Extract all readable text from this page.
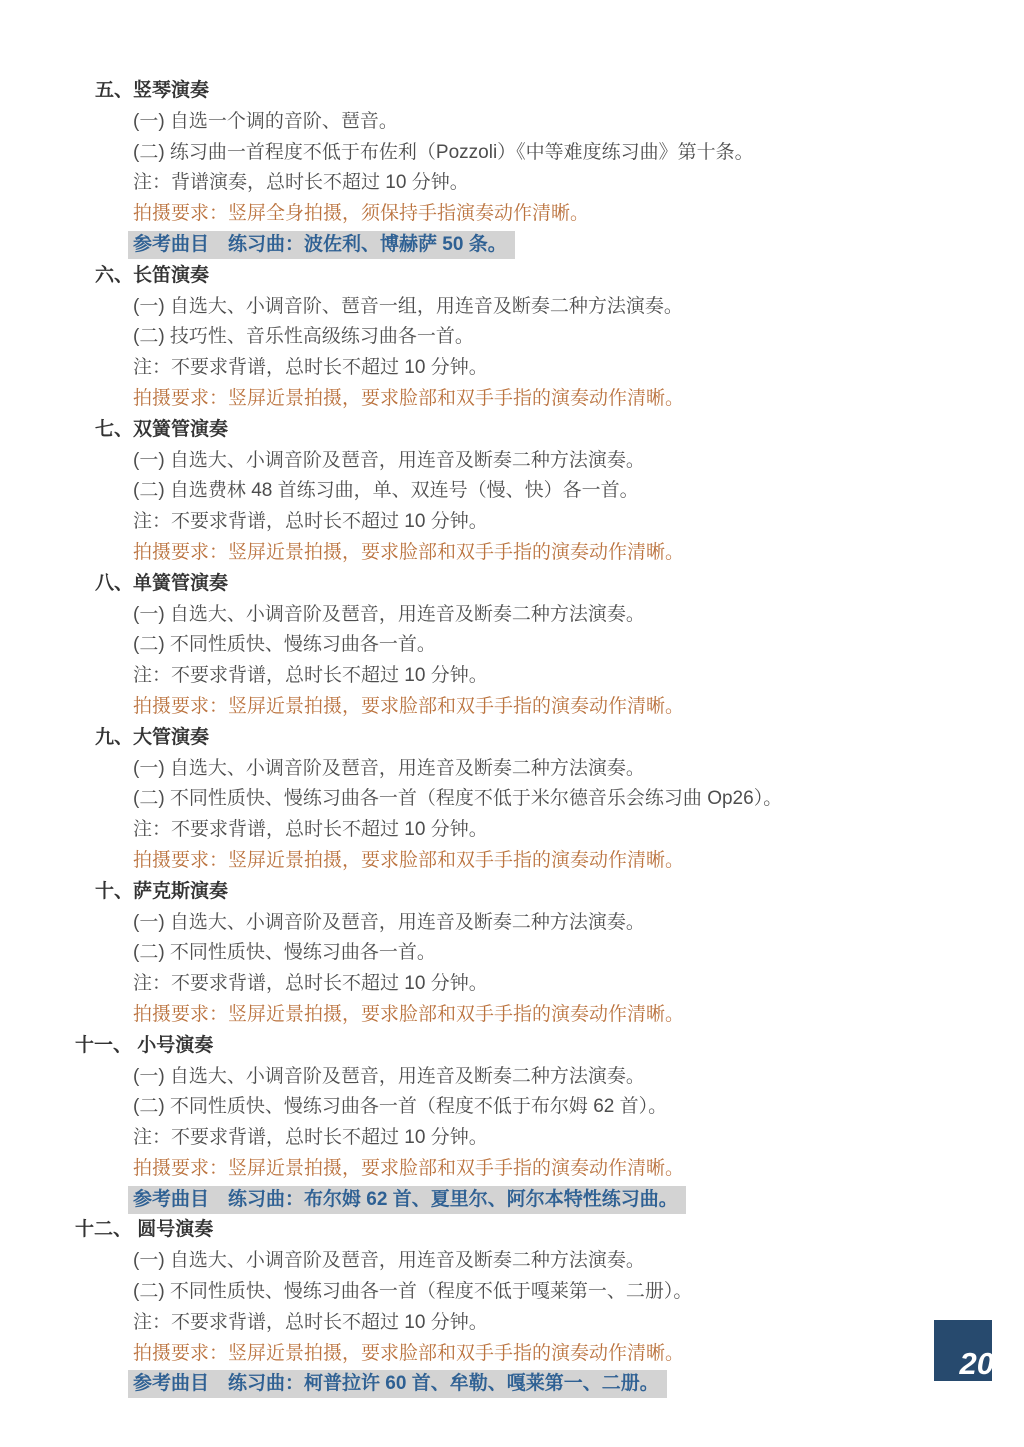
五、竖琴演奏
(一) 自选一个调的音阶、琶音。
(二) 练习曲一首程度不低于布佐利（Pozzoli）《中等难度练习曲》第十条。
注：背谱演奏，总时长不超过 10 分钟。
拍摄要求：竖屏全身拍摄，须保持手指演奏动作清晰。
参考曲目　练习曲：波佐利、博赫萨 50 条。
六、长笛演奏
(一) 自选大、小调音阶、琶音一组，用连音及断奏二种方法演奏。
(二) 技巧性、音乐性高级练习曲各一首。
注：不要求背谱，总时长不超过 10 分钟。
拍摄要求：竖屏近景拍摄，要求脸部和双手手指的演奏动作清晰。
七、双簧管演奏
(一) 自选大、小调音阶及琶音，用连音及断奏二种方法演奏。
(二) 自选费林 48 首练习曲，单、双连号（慢、快）各一首。
注：不要求背谱，总时长不超过 10 分钟。
拍摄要求：竖屏近景拍摄，要求脸部和双手手指的演奏动作清晰。
八、单簧管演奏
(一) 自选大、小调音阶及琶音，用连音及断奏二种方法演奏。
(二) 不同性质快、慢练习曲各一首。
注：不要求背谱，总时长不超过 10 分钟。
拍摄要求：竖屏近景拍摄，要求脸部和双手手指的演奏动作清晰。
九、大管演奏
(一) 自选大、小调音阶及琶音，用连音及断奏二种方法演奏。
(二) 不同性质快、慢练习曲各一首（程度不低于米尔德音乐会练习曲 Op26）。
注：不要求背谱，总时长不超过 10 分钟。
拍摄要求：竖屏近景拍摄，要求脸部和双手手指的演奏动作清晰。
十、萨克斯演奏
(一) 自选大、小调音阶及琶音，用连音及断奏二种方法演奏。
(二) 不同性质快、慢练习曲各一首。
注：不要求背谱，总时长不超过 10 分钟。
拍摄要求：竖屏近景拍摄，要求脸部和双手手指的演奏动作清晰。
十一、 小号演奏
(一) 自选大、小调音阶及琶音，用连音及断奏二种方法演奏。
(二) 不同性质快、慢练习曲各一首（程度不低于布尔姆 62 首）。
注：不要求背谱，总时长不超过 10 分钟。
拍摄要求：竖屏近景拍摄，要求脸部和双手手指的演奏动作清晰。
参考曲目　练习曲：布尔姆 62 首、夏里尔、阿尔本特性练习曲。
十二、 圆号演奏
(一) 自选大、小调音阶及琶音，用连音及断奏二种方法演奏。
(二) 不同性质快、慢练习曲各一首（程度不低于嘎莱第一、二册）。
注：不要求背谱，总时长不超过 10 分钟。
拍摄要求：竖屏近景拍摄，要求脸部和双手手指的演奏动作清晰。
参考曲目　练习曲：柯普拉许 60 首、牟勒、嘎莱第一、二册。
20
